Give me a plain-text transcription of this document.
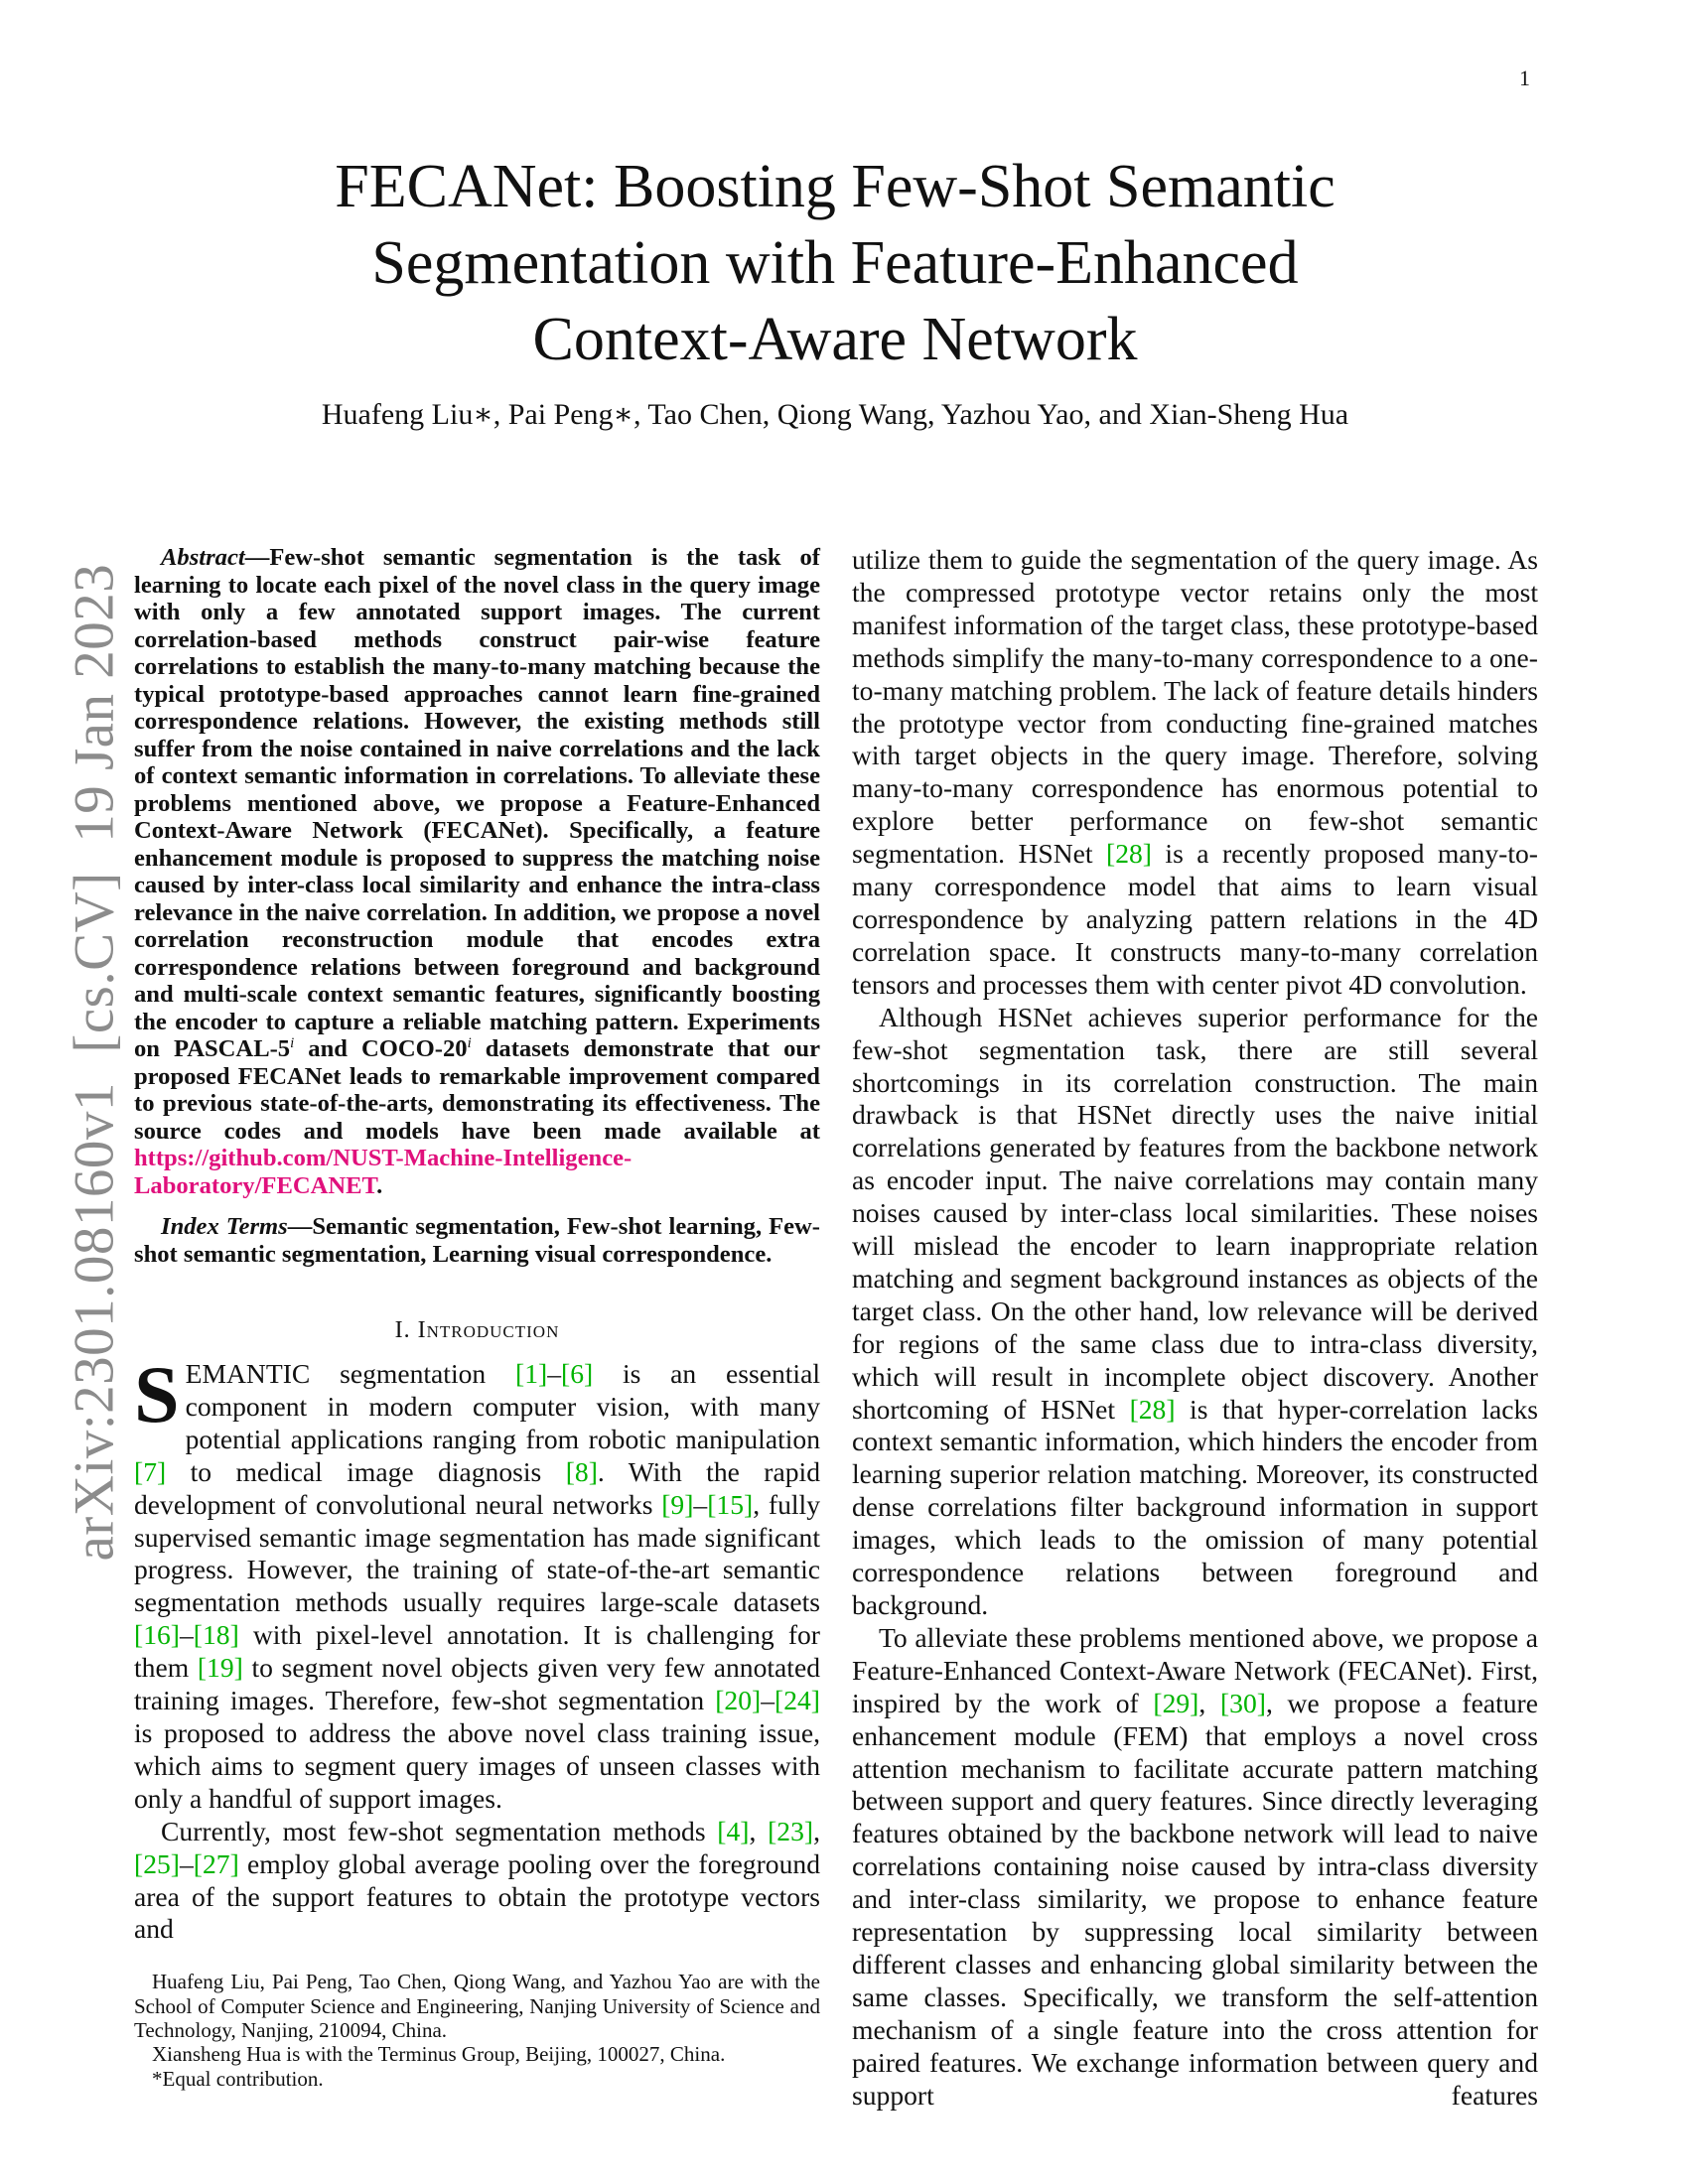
1
arXiv:2301.08160v1  [cs.CV]  19 Jan 2023
FECANet: Boosting Few-Shot Semantic
Segmentation with Feature-Enhanced
Context-Aware Network
Huafeng Liu∗, Pai Peng∗, Tao Chen, Qiong Wang, Yazhou Yao, and Xian-Sheng Hua

Abstract—Few-shot semantic segmentation is the task of learning to locate each pixel of the novel class in the query image with only a few annotated support images. The current correlation-based methods construct pair-wise feature correlations to establish the many-to-many matching because the typical prototype-based approaches cannot learn fine-grained correspondence relations. However, the existing methods still suffer from the noise contained in naive correlations and the lack of context semantic information in correlations. To alleviate these problems mentioned above, we propose a Feature-Enhanced Context-Aware Network (FECANet). Specifically, a feature enhancement module is proposed to suppress the matching noise caused by inter-class local similarity and enhance the intra-class relevance in the naive correlation. In addition, we propose a novel correlation reconstruction module that encodes extra correspondence relations between foreground and background and multi-scale context semantic features, significantly boosting the encoder to capture a reliable matching pattern. Experiments on PASCAL-5$^i$ and COCO-20$^i$ datasets demonstrate that our proposed FECANet leads to remarkable improvement compared to previous state-of-the-arts, demonstrating its effectiveness. The source codes and models have been made available at https://github.com/NUST-Machine-Intelligence-Laboratory/FECANET.

Index Terms—Semantic segmentation, Few-shot learning, Few-shot semantic segmentation, Learning visual correspondence.

I. Introduction

SEMANTIC segmentation [1]–[6] is an essential component in modern computer vision, with many potential applications ranging from robotic manipulation [7] to medical image diagnosis [8]. With the rapid development of convolutional neural networks [9]–[15], fully supervised semantic image segmentation has made significant progress. However, the training of state-of-the-art semantic segmentation methods usually requires large-scale datasets [16]–[18] with pixel-level annotation. It is challenging for them [19] to segment novel objects given very few annotated training images. Therefore, few-shot segmentation [20]–[24] is proposed to address the above novel class training issue, which aims to segment query images of unseen classes with only a handful of support images.

Currently, most few-shot segmentation methods [4], [23], [25]–[27] employ global average pooling over the foreground area of the support features to obtain the prototype vectors and

Huafeng Liu, Pai Peng, Tao Chen, Qiong Wang, and Yazhou Yao are with the School of Computer Science and Engineering, Nanjing University of Science and Technology, Nanjing, 210094, China.

Xiansheng Hua is with the Terminus Group, Beijing, 100027, China.

*Equal contribution.

utilize them to guide the segmentation of the query image. As the compressed prototype vector retains only the most manifest information of the target class, these prototype-based methods simplify the many-to-many correspondence to a one-to-many matching problem. The lack of feature details hinders the prototype vector from conducting fine-grained matches with target objects in the query image. Therefore, solving many-to-many correspondence has enormous potential to explore better performance on few-shot semantic segmentation. HSNet [28] is a recently proposed many-to-many correspondence model that aims to learn visual correspondence by analyzing pattern relations in the 4D correlation space. It constructs many-to-many correlation tensors and processes them with center pivot 4D convolution.

Although HSNet achieves superior performance for the few-shot segmentation task, there are still several shortcomings in its correlation construction. The main drawback is that HSNet directly uses the naive initial correlations generated by features from the backbone network as encoder input. The naive correlations may contain many noises caused by inter-class local similarities. These noises will mislead the encoder to learn inappropriate relation matching and segment background instances as objects of the target class. On the other hand, low relevance will be derived for regions of the same class due to intra-class diversity, which will result in incomplete object discovery. Another shortcoming of HSNet [28] is that hyper-correlation lacks context semantic information, which hinders the encoder from learning superior relation matching. Moreover, its constructed dense correlations filter background information in support images, which leads to the omission of many potential correspondence relations between foreground and background.

To alleviate these problems mentioned above, we propose a Feature-Enhanced Context-Aware Network (FECANet). First, inspired by the work of [29], [30], we propose a feature enhancement module (FEM) that employs a novel cross attention mechanism to facilitate accurate pattern matching between support and query features. Since directly leveraging features obtained by the backbone network will lead to naive correlations containing noise caused by intra-class diversity and inter-class similarity, we propose to enhance feature representation by suppressing local similarity between different classes and enhancing global similarity between the same classes. Specifically, we transform the self-attention mechanism of a single feature into the cross attention for paired features. We exchange information between query and support features
